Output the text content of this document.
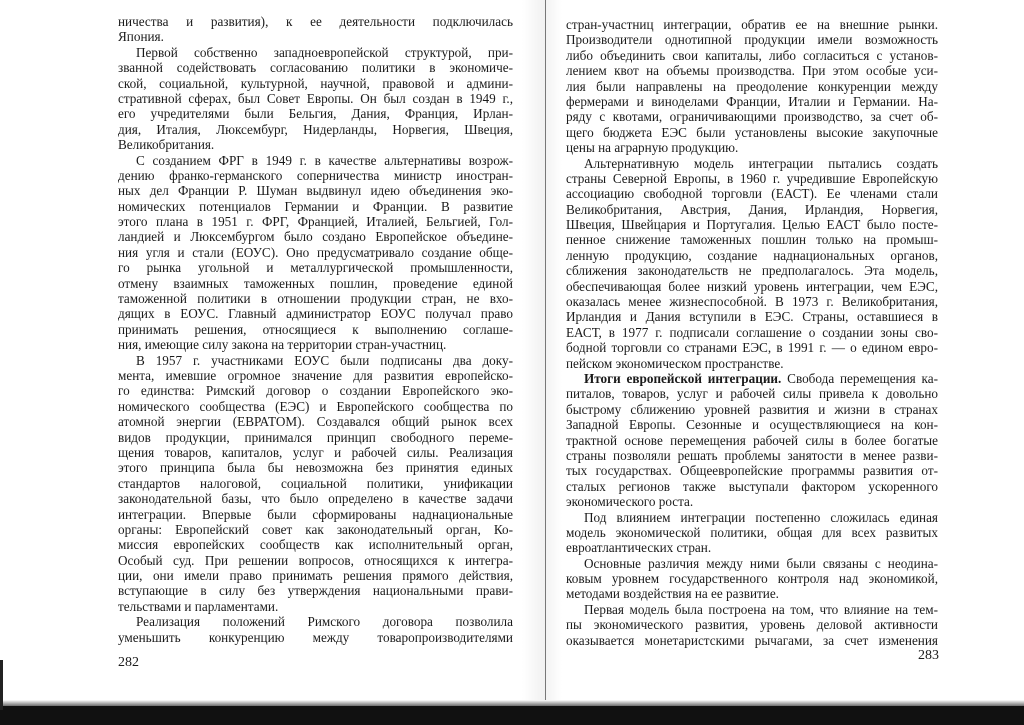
ничества и развития), к ее деятельности подключилась
Япония.
Первой собственно западноевропейской структурой, при-
званной содействовать согласованию политики в экономиче-
ской, социальной, культурной, научной, правовой и админи-
стративной сферах, был Совет Европы. Он был создан в 1949 г.,
его учредителями были Бельгия, Дания, Франция, Ирлан-
дия, Италия, Люксембург, Нидерланды, Норвегия, Швеция,
Великобритания.
С созданием ФРГ в 1949 г. в качестве альтернативы возрож-
дению франко-германского соперничества министр иностран-
ных дел Франции Р. Шуман выдвинул идею объединения эко-
номических потенциалов Германии и Франции. В развитие
этого плана в 1951 г. ФРГ, Францией, Италией, Бельгией, Гол-
ландией и Люксембургом было создано Европейское объедине-
ния угля и стали (ЕОУС). Оно предусматривало создание обще-
го рынка угольной и металлургической промышленности,
отмену взаимных таможенных пошлин, проведение единой
таможенной политики в отношении продукции стран, не вхо-
дящих в ЕОУС. Главный администратор ЕОУС получал право
принимать решения, относящиеся к выполнению соглаше-
ния, имеющие силу закона на территории стран-участниц.
В 1957 г. участниками ЕОУС были подписаны два доку-
мента, имевшие огромное значение для развития европейско-
го единства: Римский договор о создании Европейского эко-
номического сообщества (ЕЭС) и Европейского сообщества по
атомной энергии (ЕВРАТОМ). Создавался общий рынок всех
видов продукции, принимался принцип свободного переме-
щения товаров, капиталов, услуг и рабочей силы. Реализация
этого принципа была бы невозможна без принятия единых
стандартов налоговой, социальной политики, унификации
законодательной базы, что было определено в качестве задачи
интеграции. Впервые были сформированы наднациональные
органы: Европейский совет как законодательный орган, Ко-
миссия европейских сообществ как исполнительный орган,
Особый суд. При решении вопросов, относящихся к интегра-
ции, они имели право принимать решения прямого действия,
вступающие в силу без утверждения национальными прави-
тельствами и парламентами.
Реализация положений Римского договора позволила
уменьшить конкуренцию между товаропроизводителями
стран-участниц интеграции, обратив ее на внешние рынки.
Производители однотипной продукции имели возможность
либо объединить свои капиталы, либо согласиться с установ-
лением квот на объемы производства. При этом особые уси-
лия были направлены на преодоление конкуренции между
фермерами и виноделами Франции, Италии и Германии. На-
ряду с квотами, ограничивающими производство, за счет об-
щего бюджета ЕЭС были установлены высокие закупочные
цены на аграрную продукцию.
Альтернативную модель интеграции пытались создать
страны Северной Европы, в 1960 г. учредившие Европейскую
ассоциацию свободной торговли (ЕАСТ). Ее членами стали
Великобритания, Австрия, Дания, Ирландия, Норвегия,
Швеция, Швейцария и Португалия. Целью ЕАСТ было посте-
пенное снижение таможенных пошлин только на промыш-
ленную продукцию, создание наднациональных органов,
сближения законодательств не предполагалось. Эта модель,
обеспечивающая более низкий уровень интеграции, чем ЕЭС,
оказалась менее жизнеспособной. В 1973 г. Великобритания,
Ирландия и Дания вступили в ЕЭС. Страны, оставшиеся в
ЕАСТ, в 1977 г. подписали соглашение о создании зоны сво-
бодной торговли со странами ЕЭС, в 1991 г. — о едином евро-
пейском экономическом пространстве.
Итоги европейской интеграции. Свобода перемещения ка-
питалов, товаров, услуг и рабочей силы привела к довольно
быстрому сближению уровней развития и жизни в странах
Западной Европы. Сезонные и осуществляющиеся на кон-
трактной основе перемещения рабочей силы в более богатые
страны позволяли решать проблемы занятости в менее разви-
тых государствах. Общеевропейские программы развития от-
сталых регионов также выступали фактором ускоренного
экономического роста.
Под влиянием интеграции постепенно сложилась единая
модель экономической политики, общая для всех развитых
евроатлантических стран.
Основные различия между ними были связаны с неодина-
ковым уровнем государственного контроля над экономикой,
методами воздействия на ее развитие.
Первая модель была построена на том, что влияние на тем-
пы экономического развития, уровень деловой активности
оказывается монетаристскими рычагами, за счет изменения
282	283
